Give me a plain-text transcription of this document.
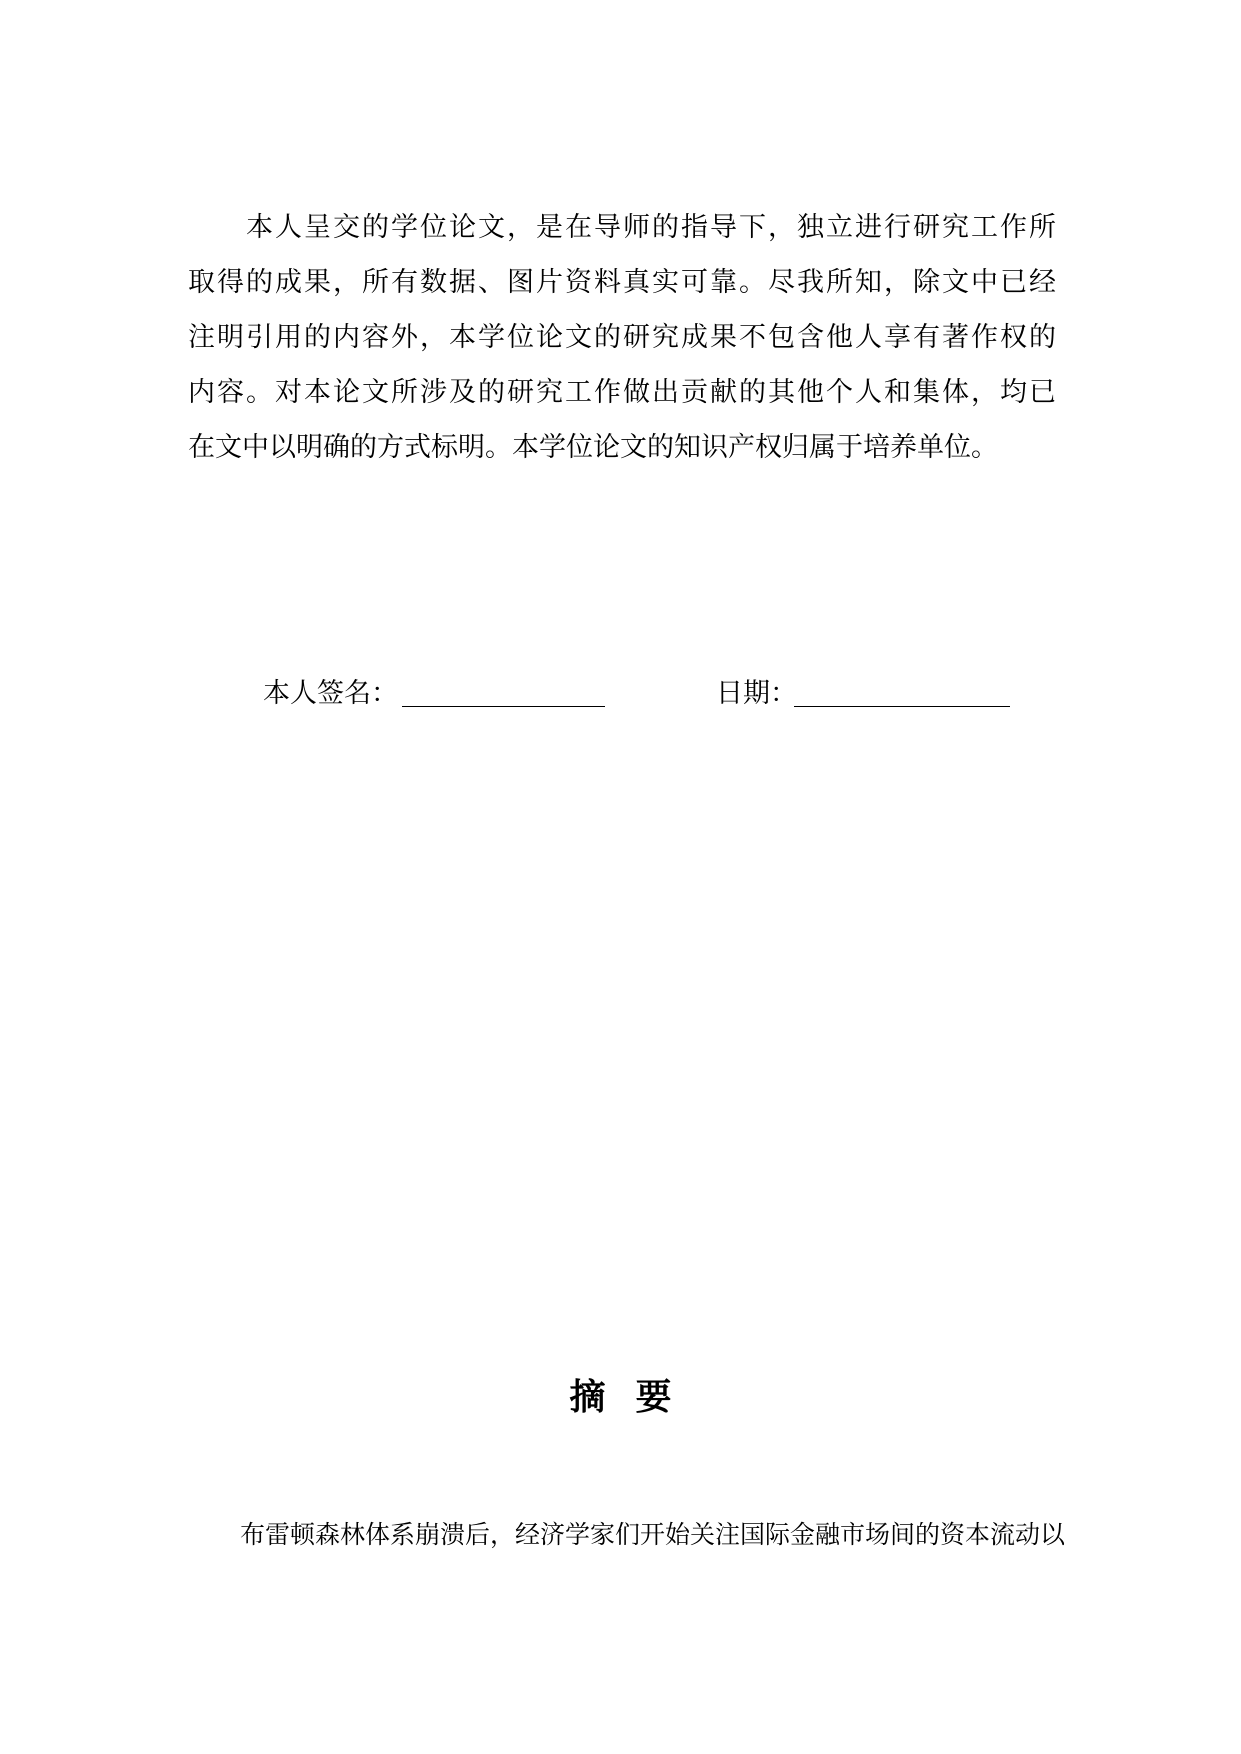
本人呈交的学位论文，是在导师的指导下，独立进行研究工作所
取得的成果，所有数据、图片资料真实可靠。尽我所知，除文中已经
注明引用的内容外，本学位论文的研究成果不包含他人享有著作权的
内容。对本论文所涉及的研究工作做出贡献的其他个人和集体，均已
在文中以明确的方式标明。本学位论文的知识产权归属于培养单位。
本人签名：	日期：
摘要
布雷顿森林体系崩溃后，经济学家们开始关注国际金融市场间的资本流动以
